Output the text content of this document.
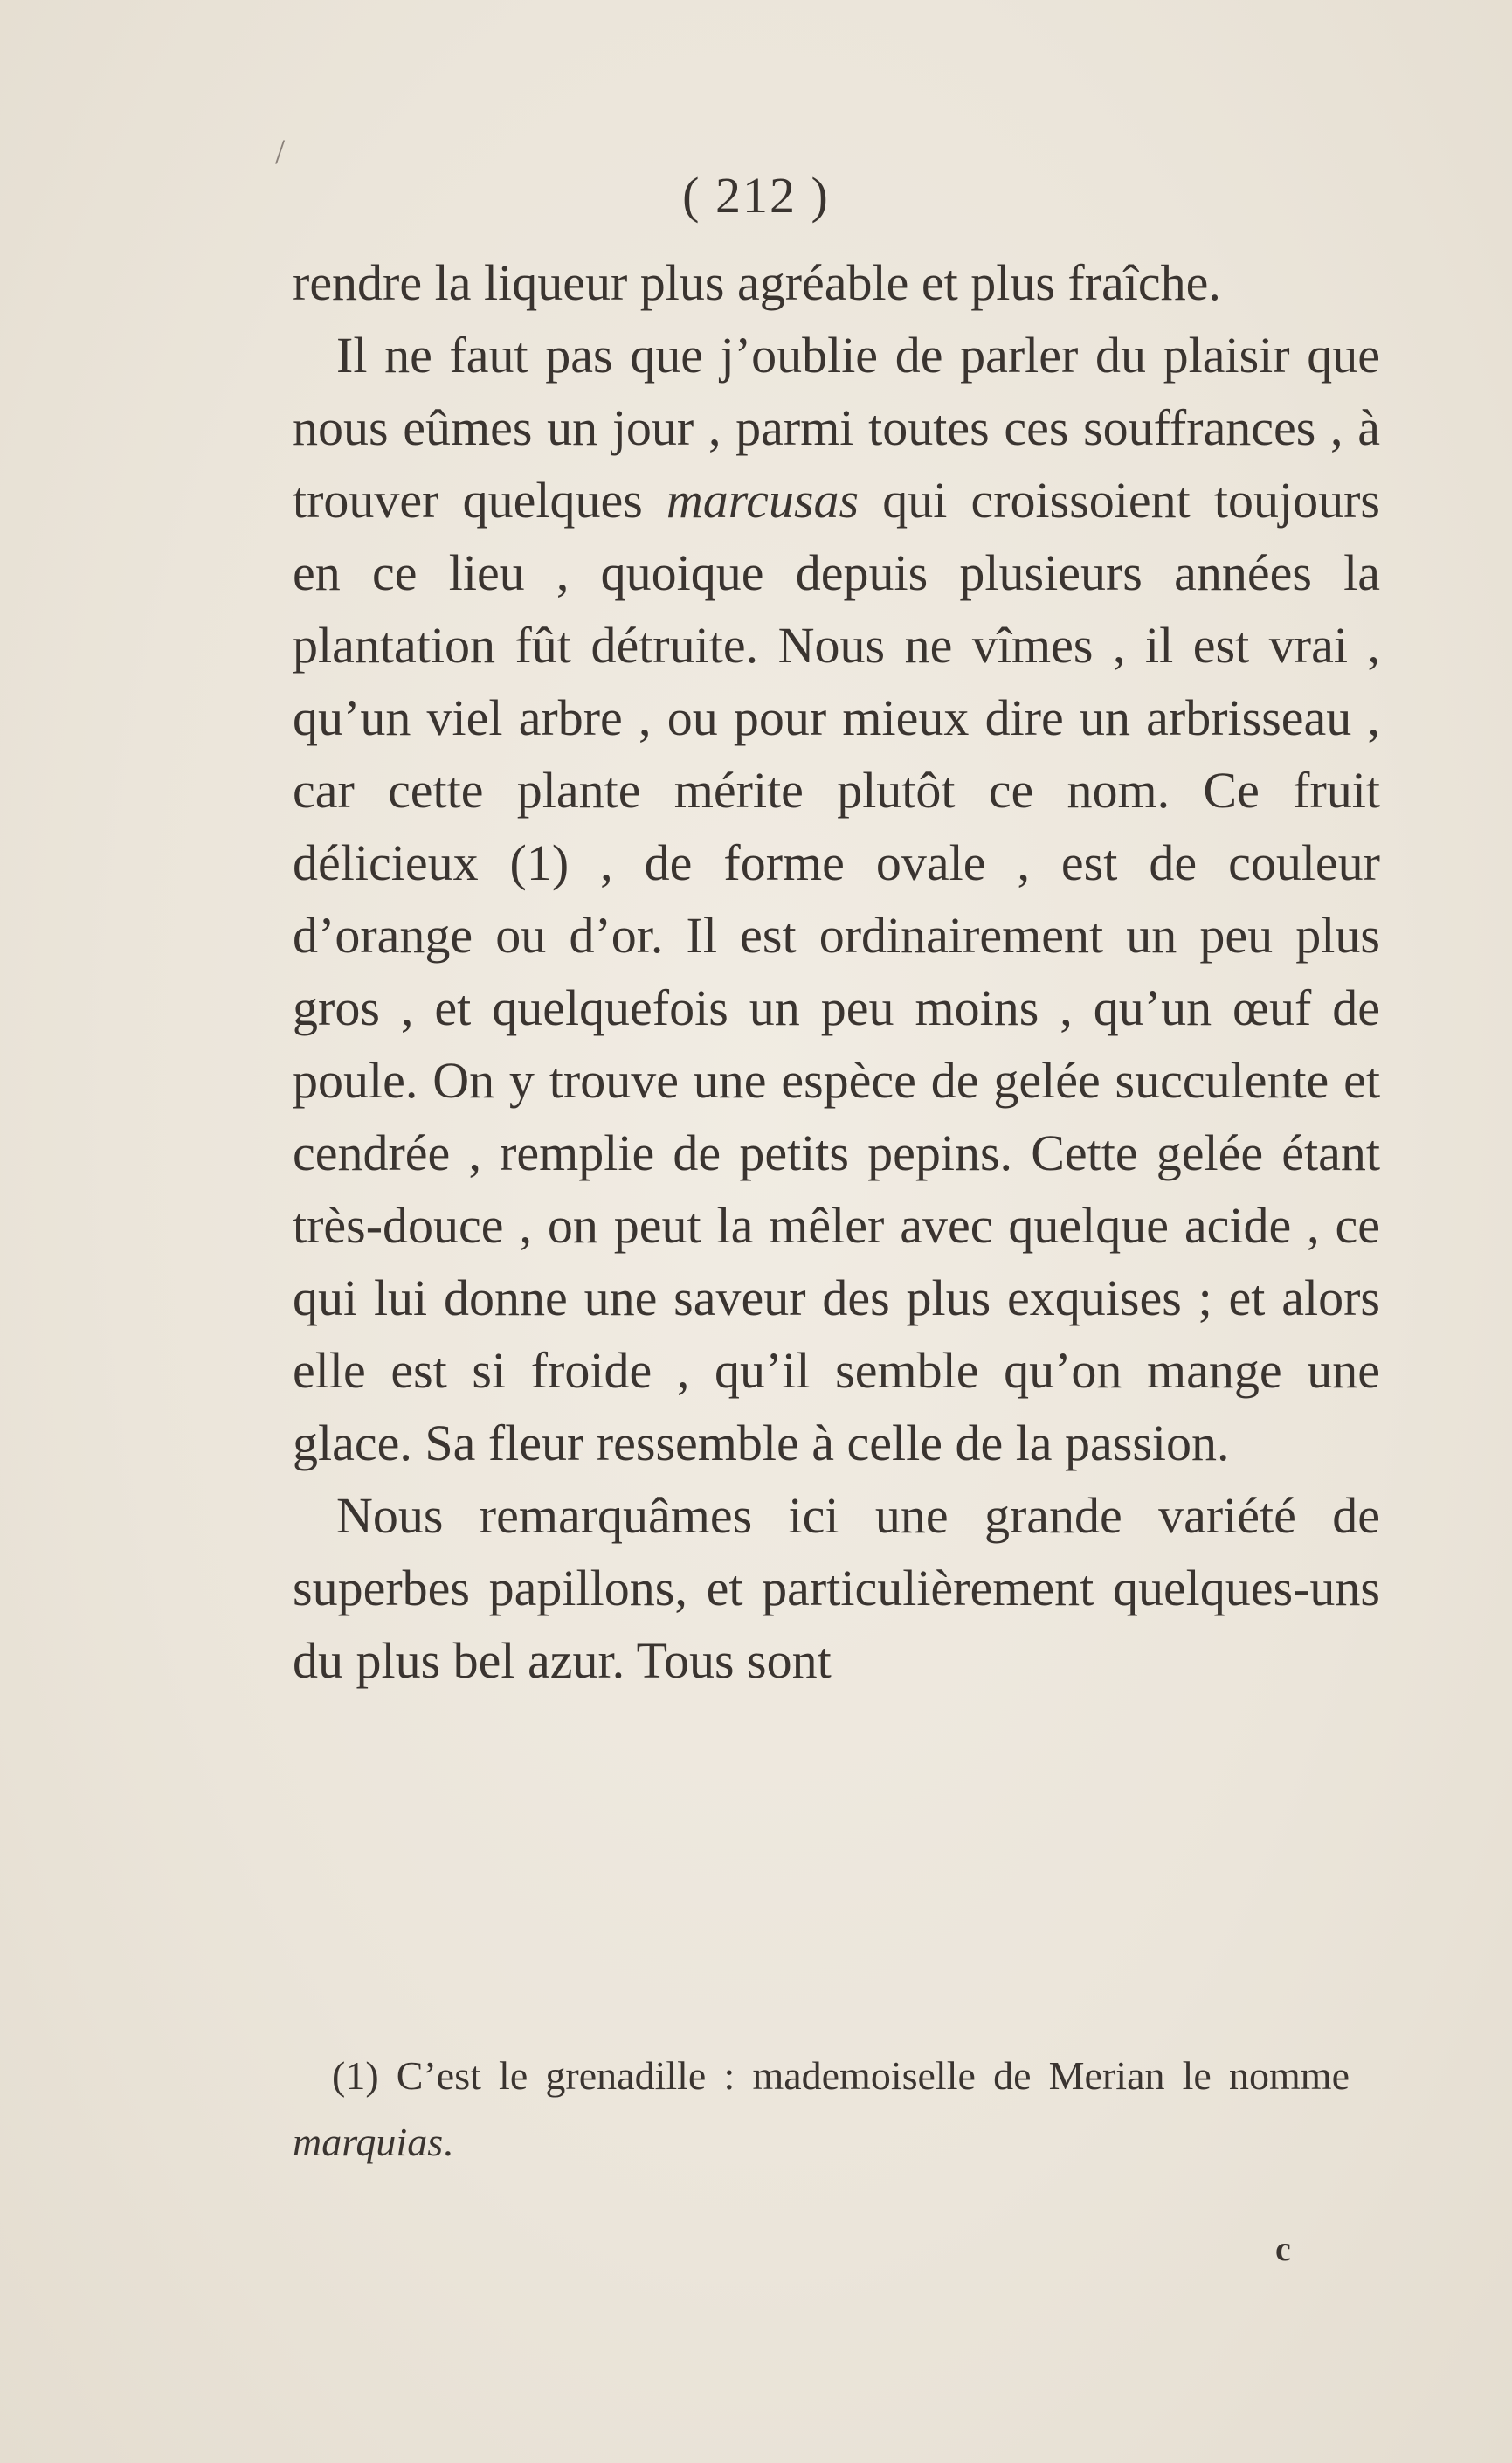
/
( 212 )

rendre la liqueur plus agréable et plus fraîche.

Il ne faut pas que j’oublie de parler du plaisir que nous eûmes un jour , parmi toutes ces souffrances , à trouver quelques marcusas qui croissoient toujours en ce lieu , quoique depuis plusieurs années la plantation fût détruite. Nous ne vîmes , il est vrai , qu’un viel arbre , ou pour mieux dire un arbrisseau , car cette plante mérite plutôt ce nom. Ce fruit délicieux (1) , de forme ovale , est de couleur d’orange ou d’or. Il est ordinairement un peu plus gros , et quelquefois un peu moins , qu’un œuf de poule. On y trouve une espèce de gelée succulente et cendrée , remplie de petits pepins. Cette gelée étant très-douce , on peut la mêler avec quelque acide , ce qui lui donne une saveur des plus exquises ; et alors elle est si froide , qu’il semble qu’on mange une glace. Sa fleur ressemble à celle de la passion.

Nous remarquâmes ici une grande variété de superbes papillons, et particulièrement quelques-uns du plus bel azur. Tous sont

(1) C’est le grenadille : mademoiselle de Merian le nomme marquias.

c
